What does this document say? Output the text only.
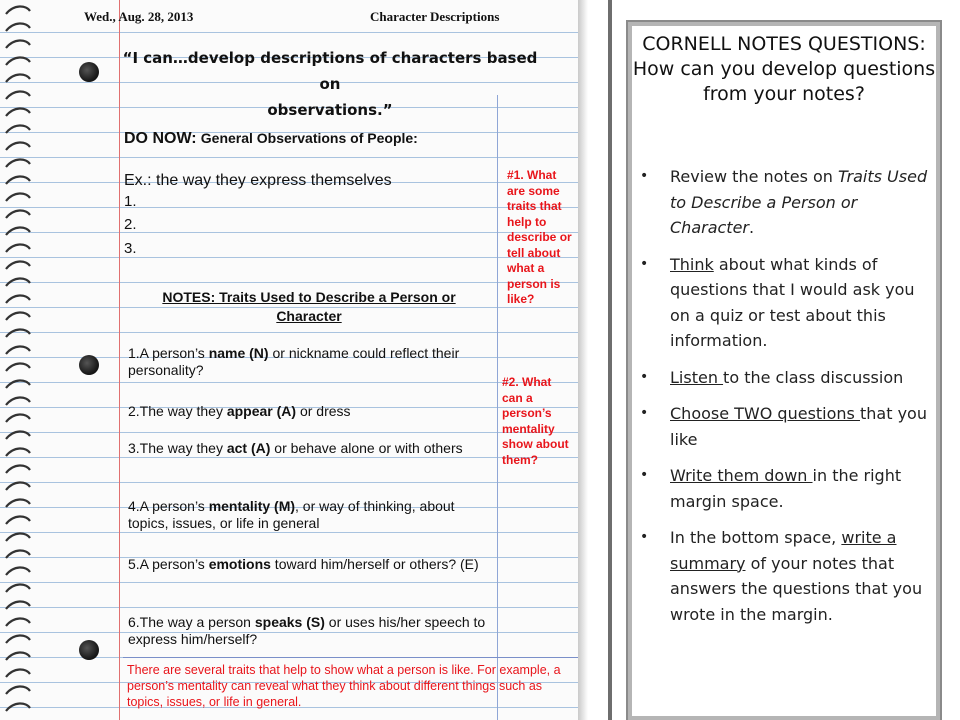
Wed., Aug. 28, 2013	Character Descriptions
“I can…develop descriptions of characters based on
observations.”
DO NOW: General Observations of People:
Ex.: the way they express themselves
1.
2.
3.
NOTES: Traits Used to Describe a Person or
Character
1.A person’s name (N) or nickname could reflect their personality?
2.The way they appear (A) or dress
3.The way they act (A) or behave alone or with others
4.A person’s mentality (M), or way of thinking, about topics, issues, or life in general
5.A person’s emotions toward him/herself or others? (E)
6.The way a person speaks (S) or uses his/her speech to express him/herself?
#1. What are some traits that help to describe or tell about what a person is like?
#2. What can a person’s mentality show about them?
There are several traits that help to show what a person is like. For example, a person’s mentality can reveal what they think about different things such as topics, issues, or life in general.
CORNELL NOTES QUESTIONS: How can you develop questions from your notes?
• Review the notes on Traits Used to Describe a Person or Character.
• Think about what kinds of questions that I would ask you on a quiz or test about this information.
• Listen to the class discussion
• Choose TWO questions that you like
• Write them down in the right margin space.
• In the bottom space, write a summary of your notes that answers the questions that you wrote in the margin.
